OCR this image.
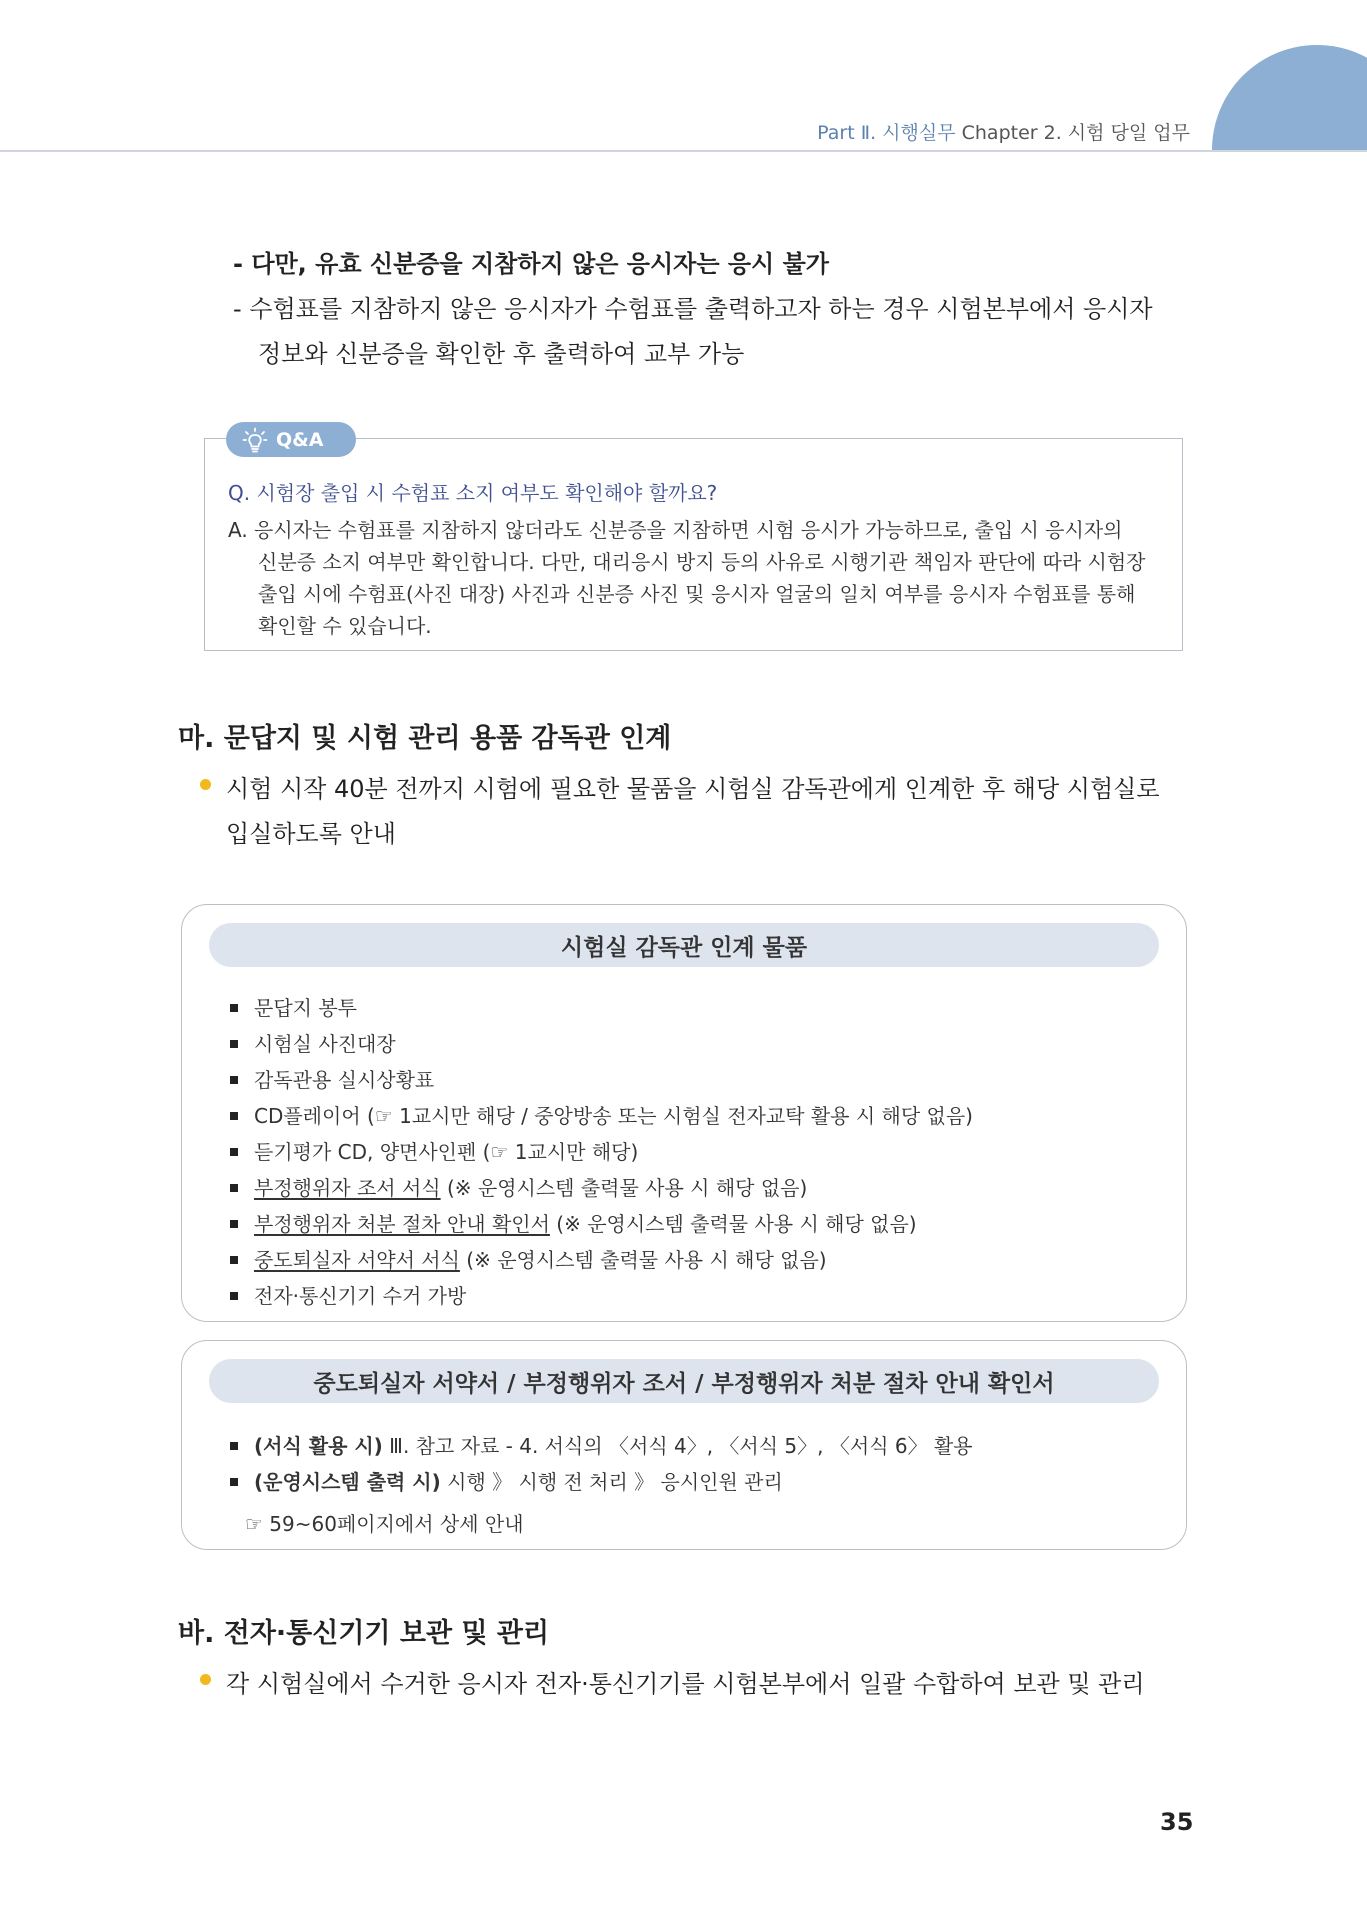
Part Ⅱ. 시행실무 Chapter 2. 시험 당일 업무
- 다만, 유효 신분증을 지참하지 않은 응시자는 응시 불가
- 수험표를 지참하지 않은 응시자가 수험표를 출력하고자 하는 경우 시험본부에서 응시자
정보와 신분증을 확인한 후 출력하여 교부 가능
Q&A
Q. 시험장 출입 시 수험표 소지 여부도 확인해야 할까요?
A. 응시자는 수험표를 지참하지 않더라도 신분증을 지참하면 시험 응시가 가능하므로, 출입 시 응시자의
신분증 소지 여부만 확인합니다. 다만, 대리응시 방지 등의 사유로 시행기관 책임자 판단에 따라 시험장
출입 시에 수험표(사진 대장) 사진과 신분증 사진 및 응시자 얼굴의 일치 여부를 응시자 수험표를 통해
확인할 수 있습니다.
마. 문답지 및 시험 관리 용품 감독관 인계
시험 시작 40분 전까지 시험에 필요한 물품을 시험실 감독관에게 인계한 후 해당 시험실로
입실하도록 안내
시험실 감독관 인계 물품
문답지 봉투
시험실 사진대장
감독관용 실시상황표
CD플레이어 (☞ 1교시만 해당 / 중앙방송 또는 시험실 전자교탁 활용 시 해당 없음)
듣기평가 CD, 양면사인펜 (☞ 1교시만 해당)
부정행위자 조서 서식 (※ 운영시스템 출력물 사용 시 해당 없음)
부정행위자 처분 절차 안내 확인서 (※ 운영시스템 출력물 사용 시 해당 없음)
중도퇴실자 서약서 서식 (※ 운영시스템 출력물 사용 시 해당 없음)
전자·통신기기 수거 가방
중도퇴실자 서약서 / 부정행위자 조서 / 부정행위자 처분 절차 안내 확인서
(서식 활용 시) Ⅲ. 참고 자료 - 4. 서식의 〈서식 4〉, 〈서식 5〉, 〈서식 6〉 활용
(운영시스템 출력 시) 시행 》 시행 전 처리 》 응시인원 관리
☞ 59~60페이지에서 상세 안내
바. 전자·통신기기 보관 및 관리
각 시험실에서 수거한 응시자 전자·통신기기를 시험본부에서 일괄 수합하여 보관 및 관리
35
